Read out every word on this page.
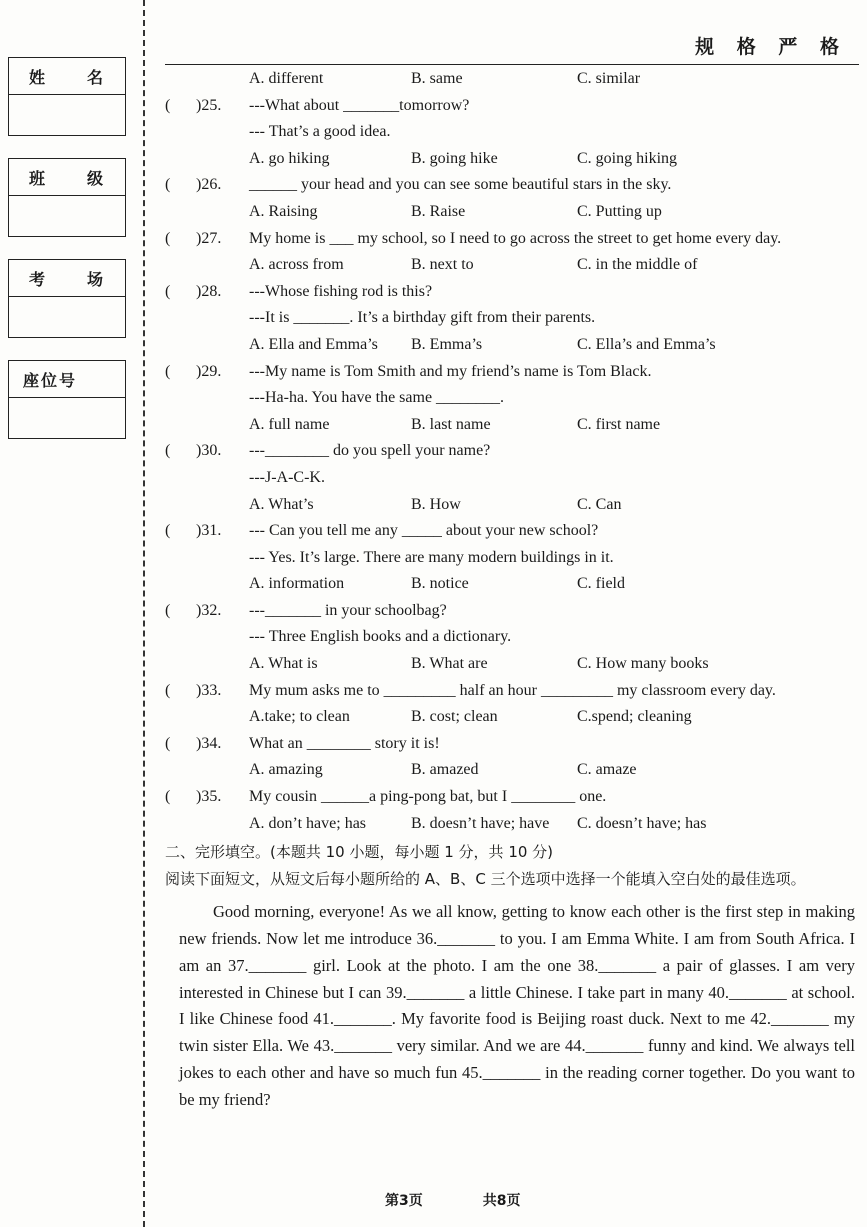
姓 名
班 级
考 场
座位号
规 格 严 格
A. different	B. same	C. similar
( )25. ---What about _______tomorrow?
--- That’s a good idea.
A. go hiking	B. going hike	C. going hiking
( )26. ______ your head and you can see some beautiful stars in the sky.
A. Raising	B. Raise	C. Putting up
( )27. My home is ___ my school, so I need to go across the street to get home every day.
A. across from	B. next to	C. in the middle of
( )28. ---Whose fishing rod is this?
---It is _______. It’s a birthday gift from their parents.
A. Ella and Emma’s B. Emma’s	C. Ella’s and Emma’s
( )29. ---My name is Tom Smith and my friend’s name is Tom Black.
---Ha-ha. You have the same ________.
A. full name	B. last name	C. first name
( )30. ---________ do you spell your name?
---J-A-C-K.
A. What’s	B. How	C. Can
( )31. --- Can you tell me any _____ about your new school?
--- Yes. It’s large. There are many modern buildings in it.
A. information	B. notice	C. field
( )32. ---_______ in your schoolbag?
--- Three English books and a dictionary.
A. What is	B. What are	C. How many books
( )33. My mum asks me to _________ half an hour _________ my classroom every day.
A.take; to clean	B. cost; clean	C.spend; cleaning
( )34. What an ________ story it is!
A. amazing	B. amazed	C. amaze
( )35. My cousin ______a ping-pong bat, but I ________ one.
A. don’t have; has	B. doesn’t have; have C. doesn’t have; has
二、完形填空。(本题共 10 小题，每小题 1 分，共 10 分)
阅读下面短文，从短文后每小题所给的 A、B、C 三个选项中选择一个能填入空白处的最佳选项。
Good morning, everyone! As we all know, getting to know each other is the first step in making new friends. Now let me introduce 36._______ to you. I am Emma White. I am from South Africa. I am an 37._______ girl. Look at the photo. I am the one 38._______ a pair of glasses. I am very interested in Chinese but I can 39._______ a little Chinese. I take part in many 40._______ at school. I like Chinese food 41._______. My favorite food is Beijing roast duck. Next to me 42._______ my twin sister Ella. We 43._______ very similar. And we are 44._______ funny and kind. We always tell jokes to each other and have so much fun 45._______ in the reading corner together. Do you want to be my friend?
第3页	共8页
